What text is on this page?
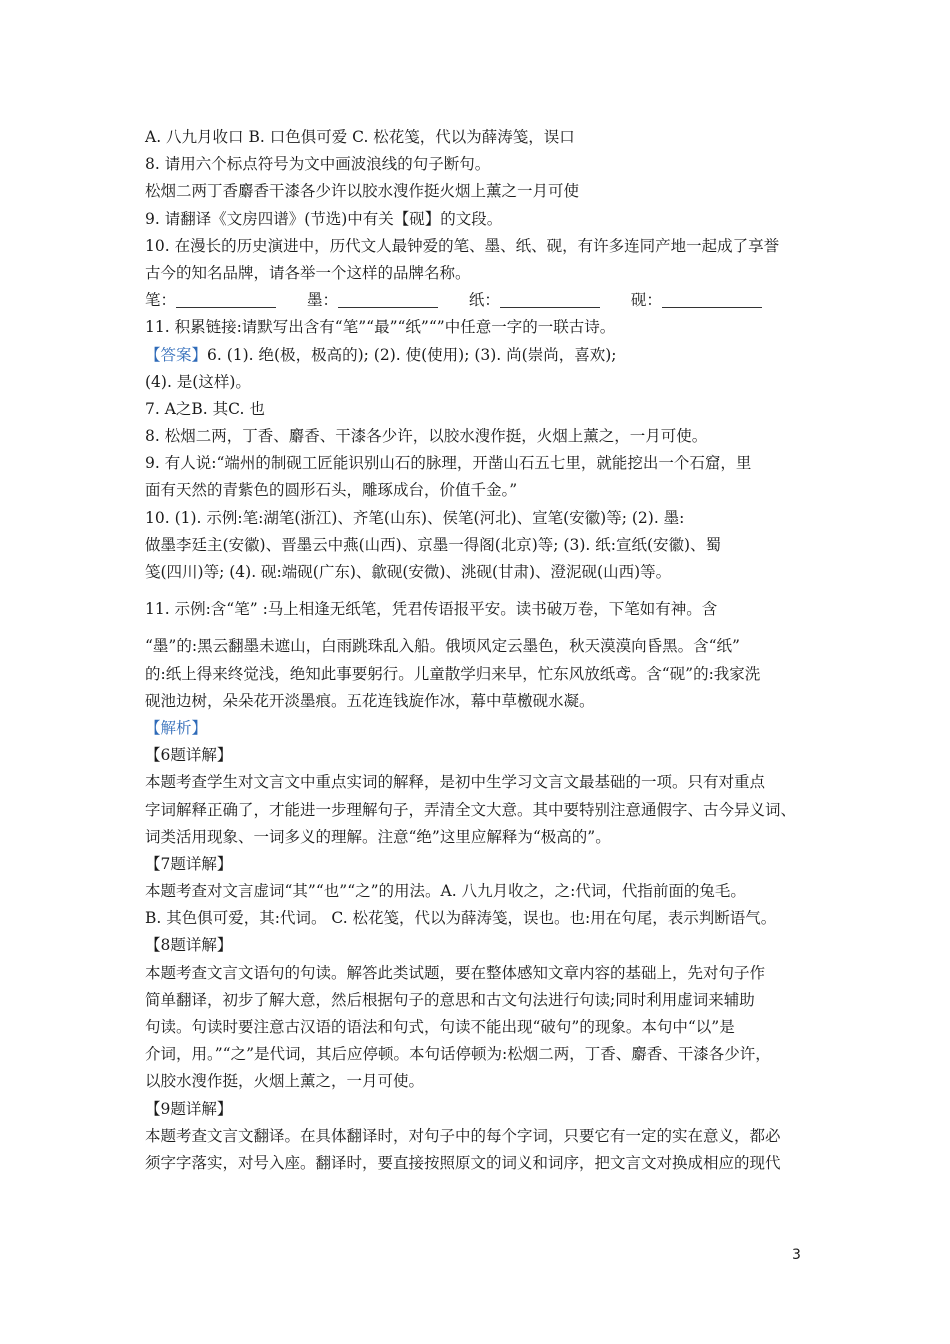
A. 八九月收口 B. 口色俱可爱 C. 松花笺，代以为薛涛笺，误口
8. 请用六个标点符号为文中画波浪线的句子断句。
松烟二两丁香麝香干漆各少许以胶水溲作挺火烟上薰之一月可使
9. 请翻译《文房四谱》(节选)中有关【砚】的文段。
10. 在漫长的历史演进中，历代文人最钟爱的笔、墨、纸、砚，有许多连同产地一起成了享誉
古今的知名品牌，请各举一个这样的品牌名称。
笔：	墨：	纸：	砚：
11. 积累链接:请默写出含有“笔”“最”“纸”“”中任意一字的一联古诗。
【答案】6. (1). 绝(极，极高的); (2). 使(使用); (3). 尚(崇尚，喜欢);
(4). 是(这样)。
7. A之B. 其C. 也
8. 松烟二两，丁香、麝香、干漆各少许，以胶水溲作挺，火烟上薰之，一月可使。
9. 有人说:“端州的制砚工匠能识别山石的脉理，开凿山石五七里，就能挖出一个石窟，里
面有天然的青紫色的圆形石头，雕琢成台，价值千金。”
10. (1). 示例:笔:湖笔(浙江)、齐笔(山东)、侯笔(河北)、宣笔(安徽)等; (2). 墨:
做墨李廷主(安徽)、晋墨云中燕(山西)、京墨一得阁(北京)等; (3). 纸:宣纸(安徽)、蜀
笺(四川)等; (4). 砚:端砚(广东)、歙砚(安微)、洮砚(甘肃)、澄泥砚(山西)等。
11. 示例:含“笔” :马上相逢无纸笔，凭君传语报平安。读书破万卷，下笔如有神。含
“墨”的:黑云翻墨未遮山，白雨跳珠乱入船。俄顷风定云墨色，秋天漠漠向昏黑。含“纸”
的:纸上得来终觉浅，绝知此事要躬行。儿童散学归来早，忙东风放纸鸢。含“砚”的:我家洗
砚池边树，朵朵花开淡墨痕。五花连钱旋作冰，幕中草檄砚水凝。
【解析】
【6题详解】
本题考查学生对文言文中重点实词的解释，是初中生学习文言文最基础的一项。只有对重点
字词解释正确了，才能进一步理解句子，弄清全文大意。其中要特别注意通假字、古今异义词、
词类活用现象、一词多义的理解。注意“绝”这里应解释为“极高的”。
【7题详解】
本题考查对文言虚词“其”“也”“之”的用法。A. 八九月收之，之:代词，代指前面的兔毛。
B. 其色俱可爱，其:代词。 C. 松花笺，代以为薛涛笺，误也。也:用在句尾，表示判断语气。
【8题详解】
本题考查文言文语句的句读。解答此类试题，要在整体感知文章内容的基础上，先对句子作
简单翻译，初步了解大意，然后根据句子的意思和古文句法进行句读;同时利用虚词来辅助
句读。句读时要注意古汉语的语法和句式，句读不能出现“破句”的现象。本句中“以”是
介词，用。”“之”是代词，其后应停顿。本句话停顿为:松烟二两，丁香、麝香、干漆各少许，
以胶水溲作挺，火烟上薰之，一月可使。
【9题详解】
本题考查文言文翻译。在具体翻译时，对句子中的每个字词，只要它有一定的实在意义，都必
须字字落实，对号入座。翻译时，要直接按照原文的词义和词序，把文言文对换成相应的现代
3
